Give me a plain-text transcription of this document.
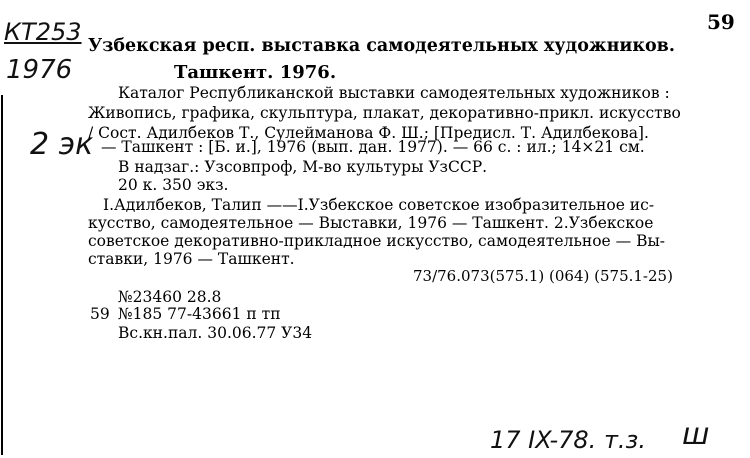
59
КТ253
1976
2 эк
Узбекская респ. выставка самодеятельных художников.
Ташкент. 1976.
Каталог Республиканской выставки самодеятельных художников :
Живопись, графика, скульптура, плакат, декоративно-прикл. искусство
/ Сост. Адилбеков Т., Сулейманова Ф. Ш.; [Предисл. Т. Адилбекова].
— Ташкент : [Б. и.], 1976 (вып. дан. 1977). — 66 с. : ил.; 14×21 см.
В надзаг.: Узсовпроф, М-во культуры УзССР.
20 к. 350 экз.
I.Адилбеков, Талип ——I.Узбекское советское изобразительное ис-
кусство, самодеятельное — Выставки, 1976 — Ташкент. 2.Узбекское
советское декоративно-прикладное искусство, самодеятельное — Вы-
ставки, 1976 — Ташкент.
73/76.073(575.1) (064) (575.1-25)
№23460 28.8
59 №185 77-43661 п тп
Вс.кн.пал. 30.06.77 У34
17 IX-78. т.з. ш
